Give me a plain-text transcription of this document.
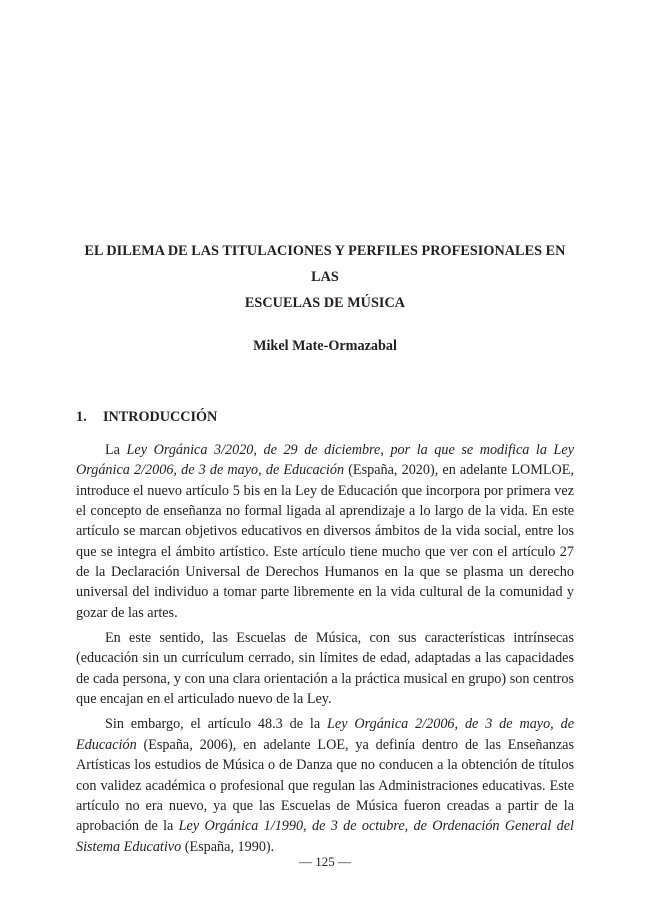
EL DILEMA DE LAS TITULACIONES Y PERFILES PROFESIONALES EN LAS
ESCUELAS DE MÚSICA
Mikel Mate-Ormazabal
1. INTRODUCCIÓN

La Ley Orgánica 3/2020, de 29 de diciembre, por la que se modifica la Ley Orgánica 2/2006, de 3 de mayo, de Educación (España, 2020), en adelante LOMLOE, introduce el nuevo artículo 5 bis en la Ley de Educación que incorpora por primera vez el concepto de enseñanza no formal ligada al aprendizaje a lo largo de la vida. En este artículo se marcan objetivos educativos en diversos ámbitos de la vida social, entre los que se integra el ámbito artístico. Este artículo tiene mucho que ver con el artículo 27 de la Declaración Universal de Derechos Humanos en la que se plasma un derecho universal del individuo a tomar parte libremente en la vida cultural de la comunidad y gozar de las artes.

En este sentido, las Escuelas de Música, con sus características intrínsecas (educación sin un currículum cerrado, sin límites de edad, adaptadas a las capacidades de cada persona, y con una clara orientación a la práctica musical en grupo) son centros que encajan en el articulado nuevo de la Ley.

Sin embargo, el artículo 48.3 de la Ley Orgánica 2/2006, de 3 de mayo, de Educación (España, 2006), en adelante LOE, ya definía dentro de las Enseñanzas Artísticas los estudios de Música o de Danza que no conducen a la obtención de títulos con validez académica o profesional que regulan las Administraciones educativas. Este artículo no era nuevo, ya que las Escuelas de Música fueron creadas a partir de la aprobación de la Ley Orgánica 1/1990, de 3 de octubre, de Ordenación General del Sistema Educativo (España, 1990).

— 125 —
